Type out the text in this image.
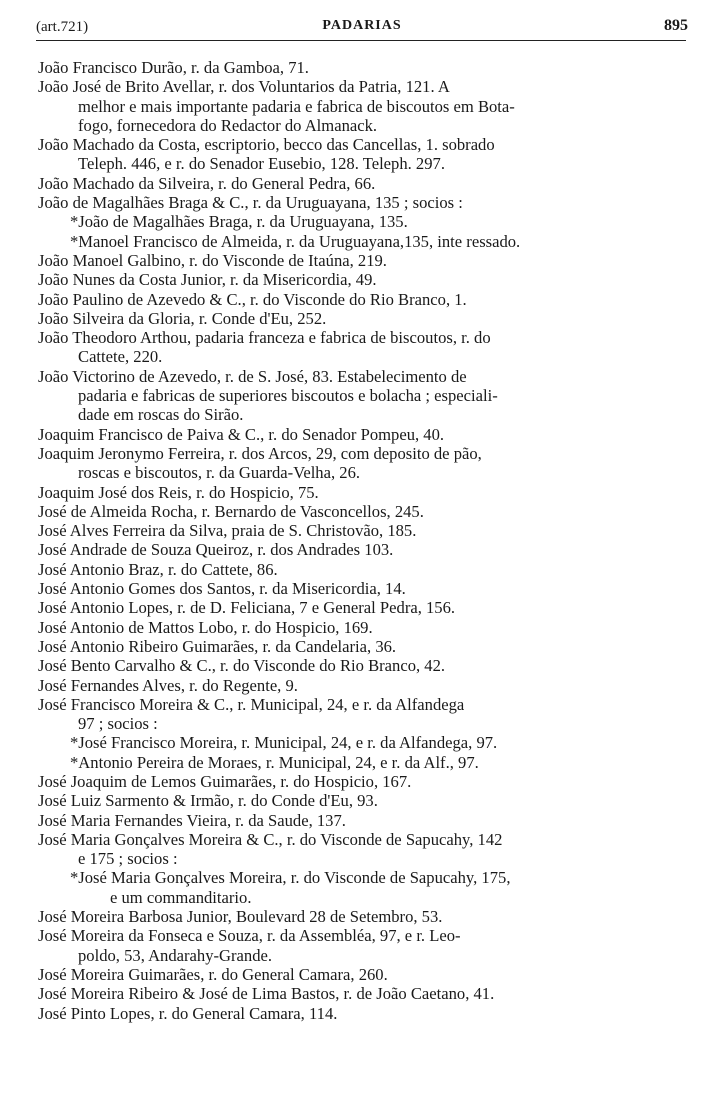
(art.721)	PADARIAS	895
João Francisco Durão, r. da Gamboa, 71.
João José de Brito Avellar, r. dos Voluntarios da Patria, 121. A
melhor e mais importante padaria e fabrica de biscoutos em Bota-
fogo, fornecedora do Redactor do Almanack.
João Machado da Costa, escriptorio, becco das Cancellas, 1. sobrado
Teleph. 446, e r. do Senador Eusebio, 128. Teleph. 297.
João Machado da Silveira, r. do General Pedra, 66.
João de Magalhães Braga & C., r. da Uruguayana, 135 ; socios :
*João de Magalhães Braga, r. da Uruguayana, 135.
*Manoel Francisco de Almeida, r. da Uruguayana,135, inte ressado.
João Manoel Galbino, r. do Visconde de Itaúna, 219.
João Nunes da Costa Junior, r. da Misericordia, 49.
João Paulino de Azevedo & C., r. do Visconde do Rio Branco, 1.
João Silveira da Gloria, r. Conde d'Eu, 252.
João Theodoro Arthou, padaria franceza e fabrica de biscoutos, r. do
Cattete, 220.
João Victorino de Azevedo, r. de S. José, 83. Estabelecimento de
padaria e fabricas de superiores biscoutos e bolacha ; especiali-
dade em roscas do Sirão.
Joaquim Francisco de Paiva & C., r. do Senador Pompeu, 40.
Joaquim Jeronymo Ferreira, r. dos Arcos, 29, com deposito de pão,
roscas e biscoutos, r. da Guarda-Velha, 26.
Joaquim José dos Reis, r. do Hospicio, 75.
José de Almeida Rocha, r. Bernardo de Vasconcellos, 245.
José Alves Ferreira da Silva, praia de S. Christovão, 185.
José Andrade de Souza Queiroz, r. dos Andrades 103.
José Antonio Braz, r. do Cattete, 86.
José Antonio Gomes dos Santos, r. da Misericordia, 14.
José Antonio Lopes, r. de D. Feliciana, 7 e General Pedra, 156.
José Antonio de Mattos Lobo, r. do Hospicio, 169.
José Antonio Ribeiro Guimarães, r. da Candelaria, 36.
José Bento Carvalho & C., r. do Visconde do Rio Branco, 42.
José Fernandes Alves, r. do Regente, 9.
José Francisco Moreira & C., r. Municipal, 24, e r. da Alfandega
97 ; socios :
*José Francisco Moreira, r. Municipal, 24, e r. da Alfandega, 97.
*Antonio Pereira de Moraes, r. Municipal, 24, e r. da Alf., 97.
José Joaquim de Lemos Guimarães, r. do Hospicio, 167.
José Luiz Sarmento & Irmão, r. do Conde d'Eu, 93.
José Maria Fernandes Vieira, r. da Saude, 137.
José Maria Gonçalves Moreira & C., r. do Visconde de Sapucahy, 142
e 175 ; socios :
*José Maria Gonçalves Moreira, r. do Visconde de Sapucahy, 175,
e um commanditario.
José Moreira Barbosa Junior, Boulevard 28 de Setembro, 53.
José Moreira da Fonseca e Souza, r. da Assembléa, 97, e r. Leo-
poldo, 53, Andarahy-Grande.
José Moreira Guimarães, r. do General Camara, 260.
José Moreira Ribeiro & José de Lima Bastos, r. de João Caetano, 41.
José Pinto Lopes, r. do General Camara, 114.
